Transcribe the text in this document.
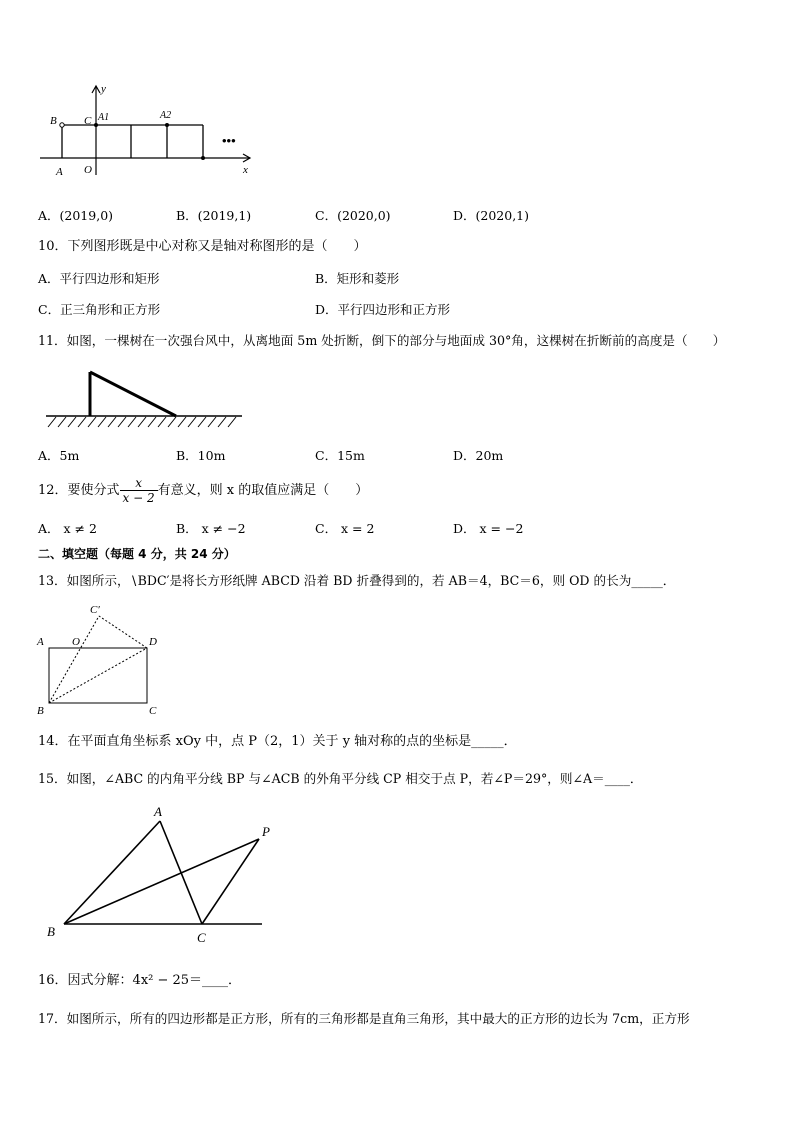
y
B C A1	A2
A O	x
•••
A．(2019,0)	B．(2019,1)	C．(2020,0)	D．(2020,1)
10．下列图形既是中心对称又是轴对称图形的是（　　）
A．平行四边形和矩形	B．矩形和菱形
C．正三角形和正方形	D．平行四边形和正方形
11．如图，一棵树在一次强台风中，从离地面 5m 处折断，倒下的部分与地面成 30°角，这棵树在折断前的高度是（　　）
A．5m	B．10m	C．15m	D．20m
12．要使分式 $\frac{x}{x - 2}$ 有意义，则 x 的取值应满足（　　）
A． x ≠ 2	B． x ≠ −2	C． x = 2	D． x = −2
二、填空题（每题 4 分，共 24 分）
13．如图所示，∖BDC′是将长方形纸牌 ABCD 沿着 BD 折叠得到的，若 AB＝4，BC＝6，则 OD 的长为_____．
C′
A	O	D
B	C
14．在平面直角坐标系 xOy 中，点 P（2，1）关于 y 轴对称的点的坐标是_____．
15．如图，∠ABC 的内角平分线 BP 与∠ACB 的外角平分线 CP 相交于点 P，若∠P＝29°，则∠A＝____．
A
P
B	C
16．因式分解：4x² − 25＝____．
17．如图所示，所有的四边形都是正方形，所有的三角形都是直角三角形，其中最大的正方形的边长为 7cm，正方形
